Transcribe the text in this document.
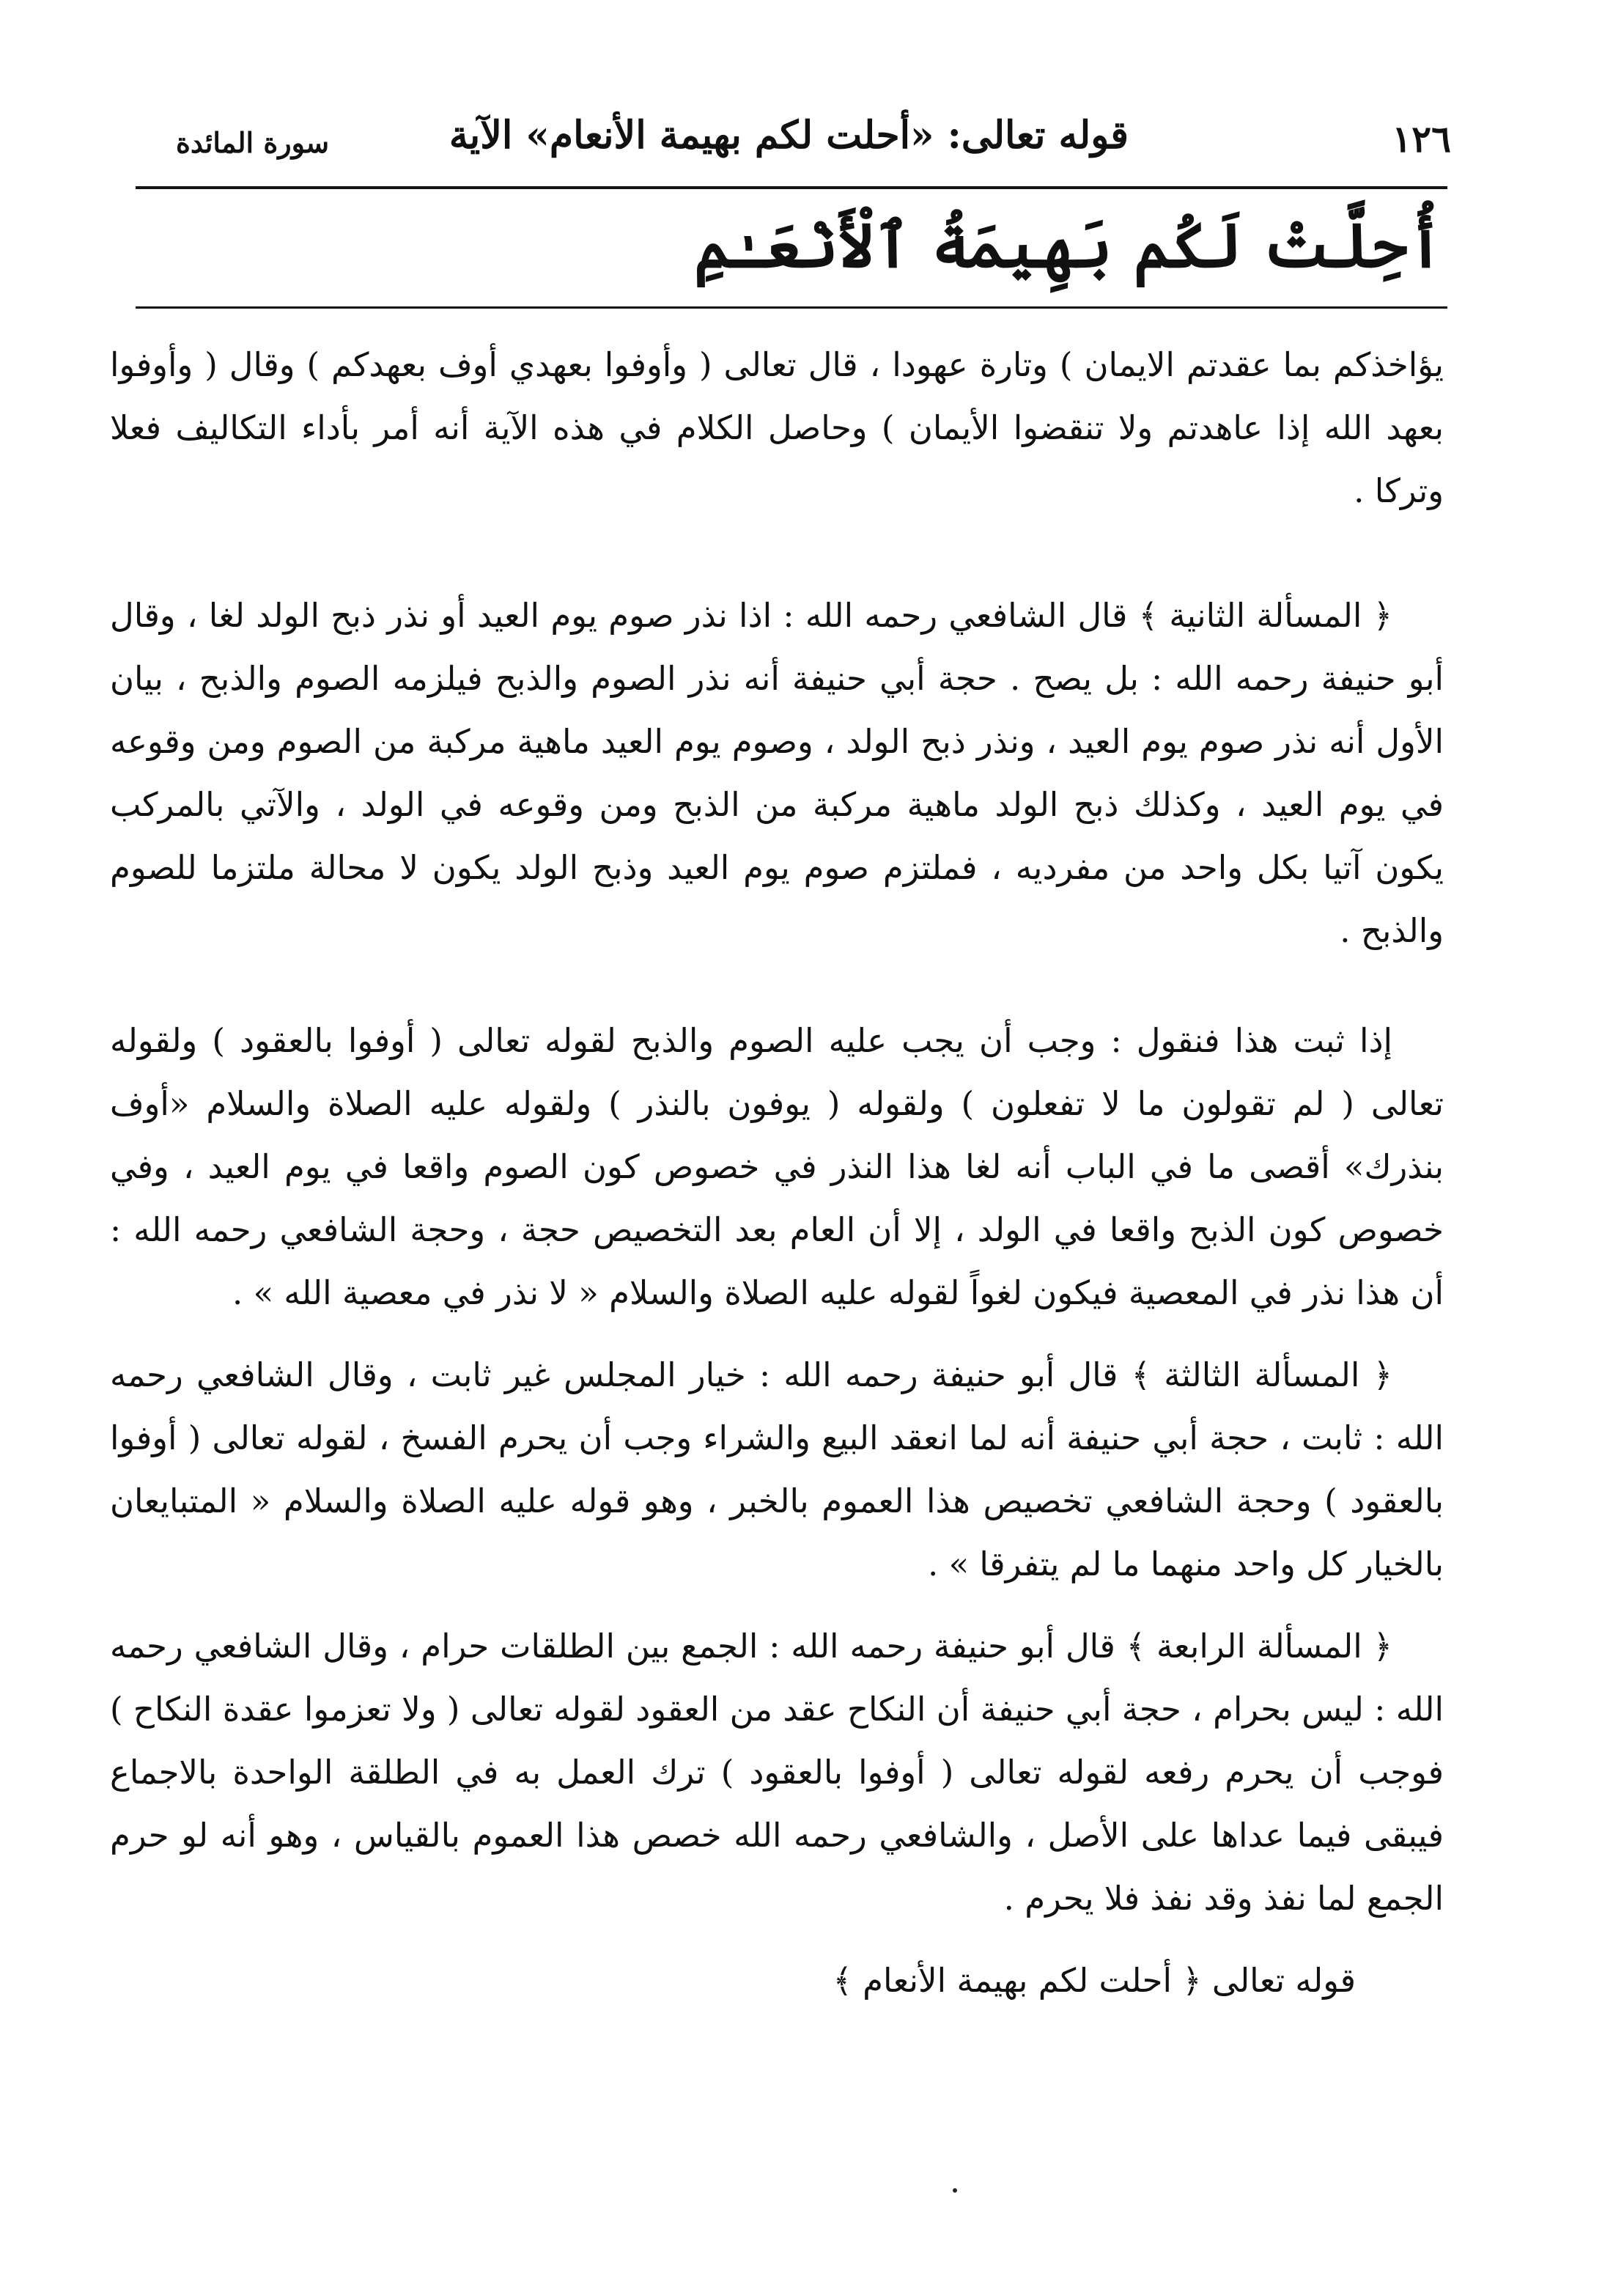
١٢٦
قوله تعالى: «أحلت لكم بهيمة الأنعام» الآية
سورة المائدة
أُحِلَّتْ لَكُم بَهِيمَةُ ٱلْأَنْعَـٰمِ

يؤاخذكم بما عقدتم الايمان ) وتارة عهودا ، قال تعالى ( وأوفوا بعهدي أوف بعهدكم ) وقال ( وأوفوا بعهد الله إذا عاهدتم ولا تنقضوا الأيمان ) وحاصل الكلام في هذه الآية أنه أمر بأداء التكاليف فعلا وتركا .

﴿ المسألة الثانية ﴾ قال الشافعي رحمه الله : اذا نذر صوم يوم العيد أو نذر ذبح الولد لغا ، وقال أبو حنيفة رحمه الله : بل يصح . حجة أبي حنيفة أنه نذر الصوم والذبح فيلزمه الصوم والذبح ، بيان الأول أنه نذر صوم يوم العيد ، ونذر ذبح الولد ، وصوم يوم العيد ماهية مركبة من الصوم ومن وقوعه في يوم العيد ، وكذلك ذبح الولد ماهية مركبة من الذبح ومن وقوعه في الولد ، والآتي بالمركب يكون آتيا بكل واحد من مفرديه ، فملتزم صوم يوم العيد وذبح الولد يكون لا محالة ملتزما للصوم والذبح .

إذا ثبت هذا فنقول : وجب أن يجب عليه الصوم والذبح لقوله تعالى ( أوفوا بالعقود ) ولقوله تعالى ( لم تقولون ما لا تفعلون ) ولقوله ( يوفون بالنذر ) ولقوله عليه الصلاة والسلام «أوف بنذرك» أقصى ما في الباب أنه لغا هذا النذر في خصوص كون الصوم واقعا في يوم العيد ، وفي خصوص كون الذبح واقعا في الولد ، إلا أن العام بعد التخصيص حجة ، وحجة الشافعي رحمه الله : أن هذا نذر في المعصية فيكون لغواً لقوله عليه الصلاة والسلام « لا نذر في معصية الله » .

﴿ المسألة الثالثة ﴾ قال أبو حنيفة رحمه الله : خيار المجلس غير ثابت ، وقال الشافعي رحمه الله : ثابت ، حجة أبي حنيفة أنه لما انعقد البيع والشراء وجب أن يحرم الفسخ ، لقوله تعالى ( أوفوا بالعقود ) وحجة الشافعي تخصيص هذا العموم بالخبر ، وهو قوله عليه الصلاة والسلام « المتبايعان بالخيار كل واحد منهما ما لم يتفرقا » .

﴿ المسألة الرابعة ﴾ قال أبو حنيفة رحمه الله : الجمع بين الطلقات حرام ، وقال الشافعي رحمه الله : ليس بحرام ، حجة أبي حنيفة أن النكاح عقد من العقود لقوله تعالى ( ولا تعزموا عقدة النكاح ) فوجب أن يحرم رفعه لقوله تعالى ( أوفوا بالعقود ) ترك العمل به في الطلقة الواحدة بالاجماع فيبقى فيما عداها على الأصل ، والشافعي رحمه الله خصص هذا العموم بالقياس ، وهو أنه لو حرم الجمع لما نفذ وقد نفذ فلا يحرم .

قوله تعالى ﴿ أحلت لكم بهيمة الأنعام ﴾
